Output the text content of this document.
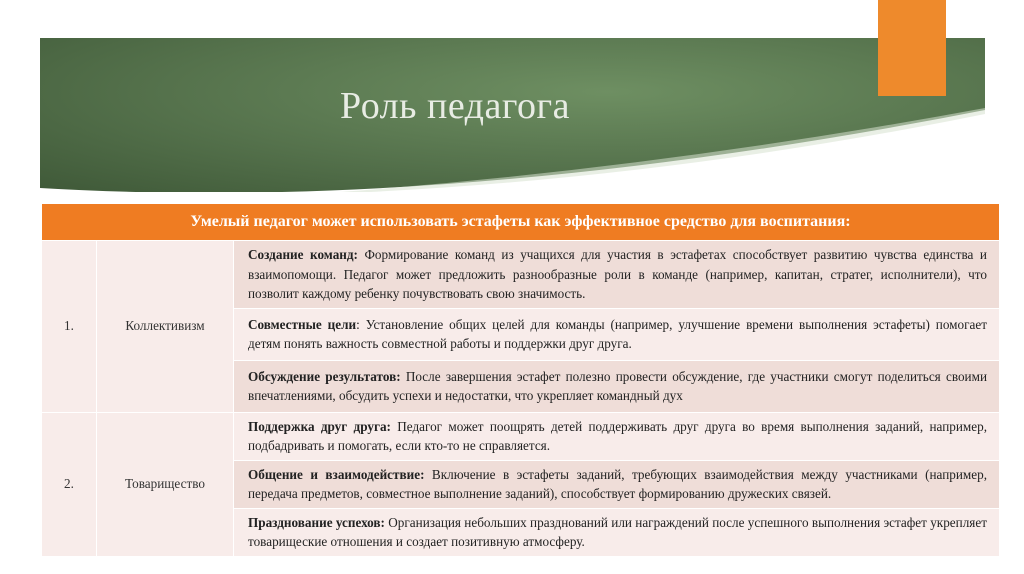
Роль педагога
Умелый педагог может использовать эстафеты как эффективное средство для воспитания:		
1.	Коллективизм	Создание команд: Формирование команд из учащихся для участия в эстафетах способствует развитию чувства единства и взаимопомощи. Педагог может предложить разнообразные роли в команде (например, капитан, стратег, исполнители), что позволит каждому ребенку почувствовать свою значимость.
		Совместные цели: Установление общих целей для команды (например, улучшение времени выполнения эстафеты) помогает детям понять важность совместной работы и поддержки друг друга.
		Обсуждение результатов: После завершения эстафет полезно провести обсуждение, где участники смогут поделиться своими впечатлениями, обсудить успехи и недостатки, что укрепляет командный дух
2.	Товарищество	Поддержка друг друга: Педагог может поощрять детей поддерживать друг друга во время выполнения заданий, например, подбадривать и помогать, если кто-то не справляется.
		Общение и взаимодействие: Включение в эстафеты заданий, требующих взаимодействия между участниками (например, передача предметов, совместное выполнение заданий), способствует формированию дружеских связей.
		Празднование успехов: Организация небольших празднований или награждений после успешного выполнения эстафет укрепляет товарищеские отношения и создает позитивную атмосферу.
